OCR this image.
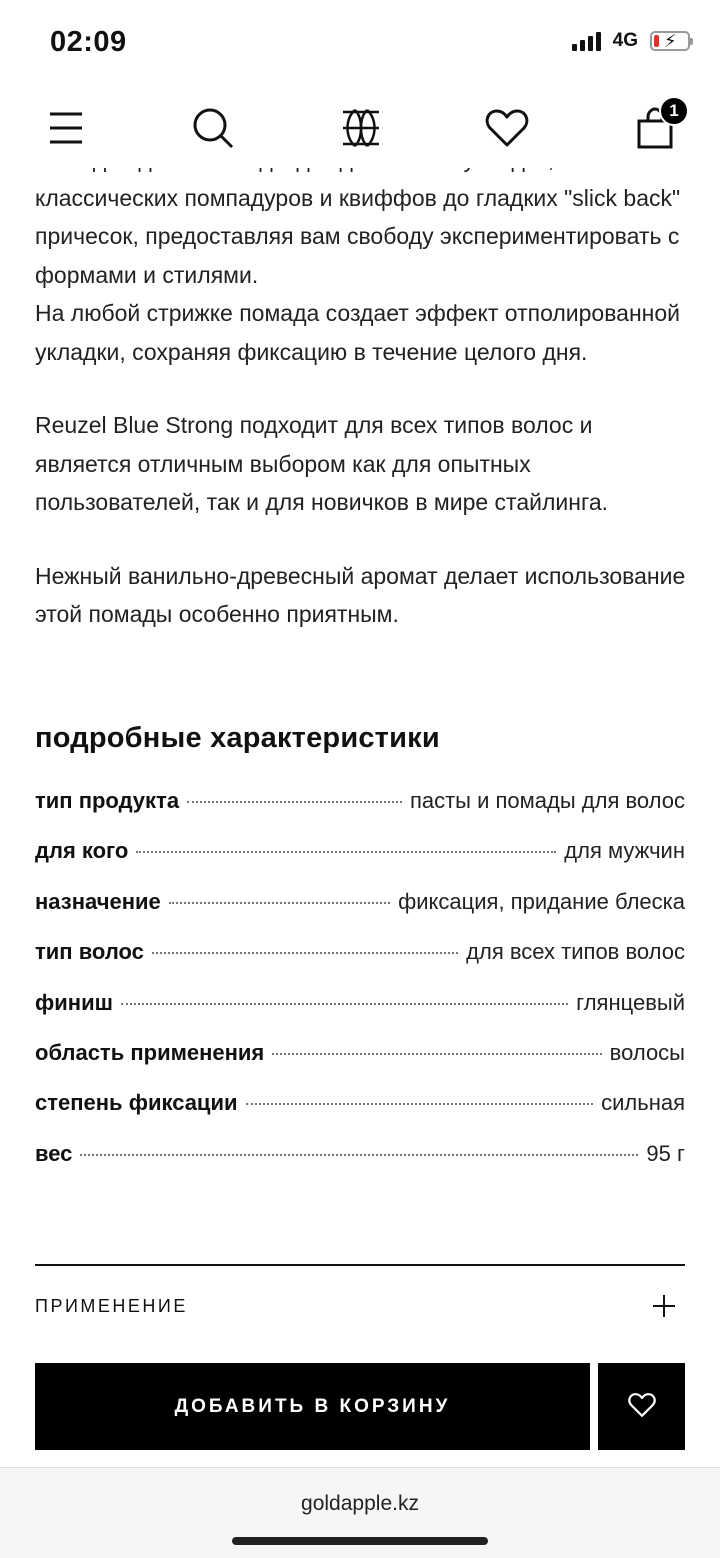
02:09	4G ⚡
1

классических помпадуров и квиффов до гладких "slick back" причесок, предоставляя вам свободу экспериментировать с формами и стилями.

На любой стрижке помада создает эффект отполированной укладки, сохраняя фиксацию в течение целого дня.

Reuzel Blue Strong подходит для всех типов волос и является отличным выбором как для опытных пользователей, так и для новичков в мире стайлинга.

Нежный ванильно-древесный аромат делает использование этой помады особенно приятным.

подробные характеристики
тип продукта	пасты и помады для волос
для кого	для мужчин
назначение	фиксация, придание блеска
тип волос	для всех типов волос
финиш	глянцевый
область применения	волосы
степень фиксации	сильная
вес	95 г
ПРИМЕНЕНИЕ
ДОБАВИТЬ В КОРЗИНУ
goldapple.kz
